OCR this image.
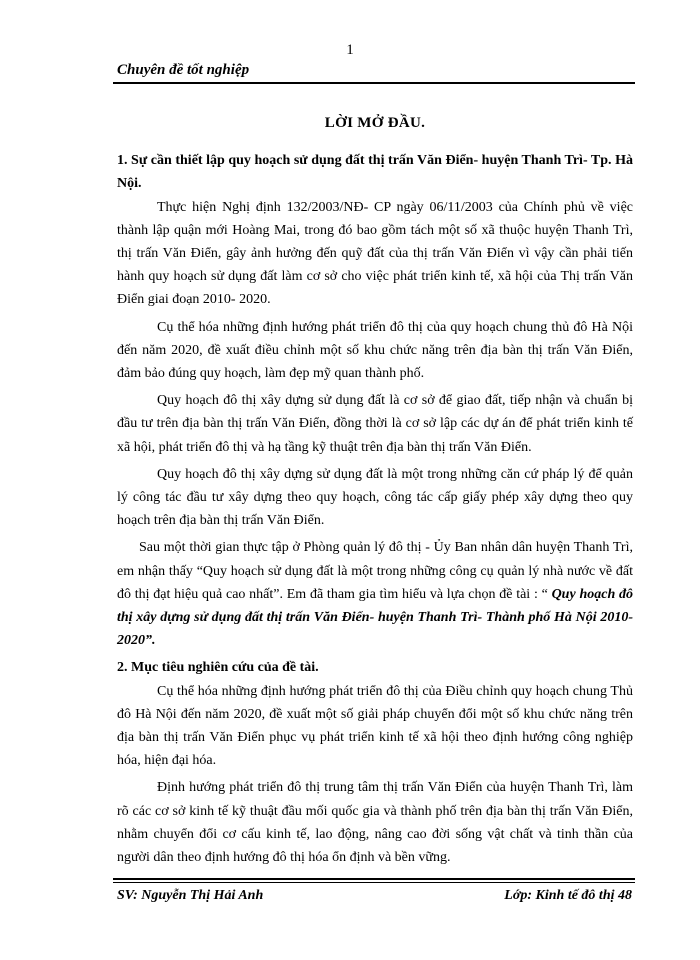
1
Chuyên đề tốt nghiệp
LỜI MỞ ĐẦU.
1. Sự cần thiết lập quy hoạch sử dụng đất thị trấn Văn Điển- huyện Thanh Trì- Tp. Hà Nội.

Thực hiện Nghị định 132/2003/NĐ- CP ngày 06/11/2003 của Chính phủ về việc thành lập quận mới Hoàng Mai, trong đó bao gồm tách một số xã thuộc huyện Thanh Trì, thị trấn Văn Điển, gây ảnh hưởng đến quỹ đất của thị trấn Văn Điển vì vậy cần phải tiến hành quy hoạch sử dụng đất làm cơ sở cho việc phát triển kinh tế, xã hội của Thị trấn Văn Điển giai đoạn 2010- 2020.

Cụ thể hóa những định hướng phát triển đô thị của quy hoạch chung thủ đô Hà Nội đến năm 2020, đề xuất điều chỉnh một số khu chức năng trên địa bàn thị trấn Văn Điển, đảm bảo đúng quy hoạch, làm đẹp mỹ quan thành phố.

Quy hoạch đô thị xây dựng sử dụng đất là cơ sở để giao đất, tiếp nhận và chuẩn bị đầu tư trên địa bàn thị trấn Văn Điển, đồng thời là cơ sở lập các dự án để phát triển kinh tế xã hội, phát triển đô thị và hạ tầng kỹ thuật trên địa bàn thị trấn Văn Điển.

Quy hoạch đô thị xây dựng sử dụng đất là một trong những căn cứ pháp lý để quản lý công tác đầu tư xây dựng theo quy hoạch, công tác cấp giấy phép xây dựng theo quy hoạch trên địa bàn thị trấn Văn Điển.

Sau một thời gian thực tập ở Phòng quản lý đô thị - Ủy Ban nhân dân huyện Thanh Trì, em nhận thấy “Quy hoạch sử dụng đất là một trong những công cụ quản lý nhà nước về đất đô thị đạt hiệu quả cao nhất”. Em đã tham gia tìm hiểu và lựa chọn đề tài : “ Quy hoạch đô thị xây dựng sử dụng đất thị trấn Văn Điển- huyện Thanh Trì- Thành phố Hà Nội 2010- 2020”.

2. Mục tiêu nghiên cứu của đề tài.

Cụ thể hóa những định hướng phát triển đô thị của Điều chỉnh quy hoạch chung Thủ đô Hà Nội đến năm 2020, đề xuất một số giải pháp chuyển đổi một số khu chức năng trên địa bàn thị trấn Văn Điển phục vụ phát triển kinh tế xã hội theo định hướng công nghiệp hóa, hiện đại hóa.

Định hướng phát triển đô thị trung tâm thị trấn Văn Điển của huyện Thanh Trì, làm rõ các cơ sở kinh tế kỹ thuật đầu mối quốc gia và thành phố trên địa bàn thị trấn Văn Điển, nhằm chuyển đổi cơ cấu kinh tế, lao động, nâng cao đời sống vật chất và tinh thần của người dân theo định hướng đô thị hóa ổn định và bền vững.

SV: Nguyễn Thị Hải Anh	Lớp: Kinh tế đô thị 48
